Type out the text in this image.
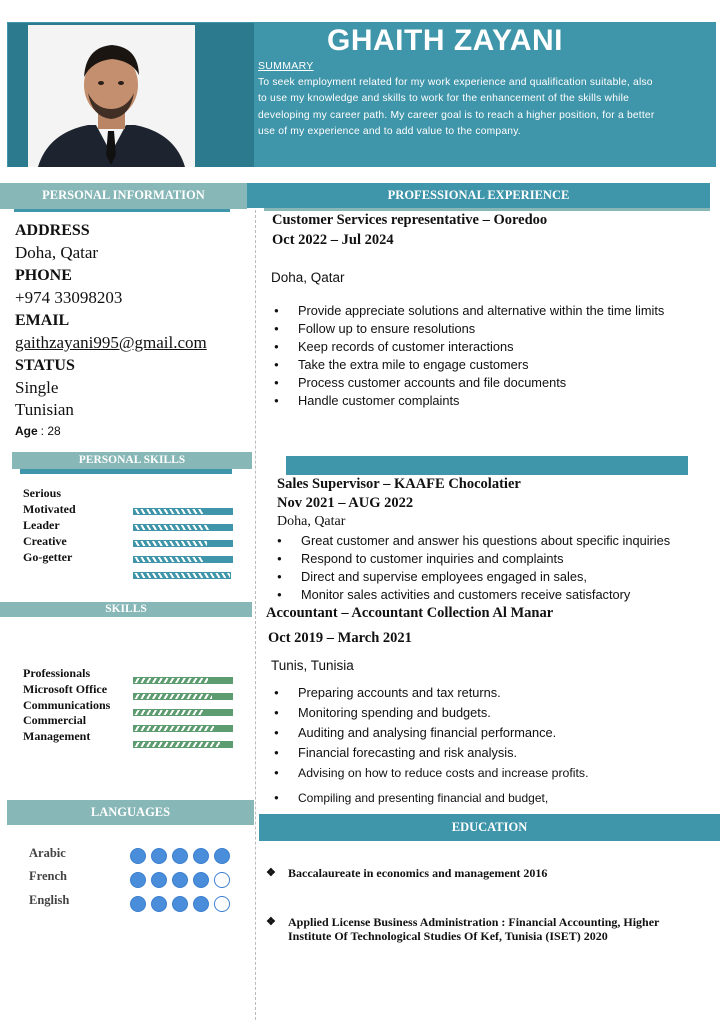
GHAITH ZAYANI
SUMMARY
To seek employment related for my work experience and qualification suitable, also to use my knowledge and skills to work for the enhancement of the skills while developing my career path. My career goal is to reach a higher position, for a better use of my experience and to add value to the company.
PERSONAL INFORMATION
ADDRESS
Doha, Qatar
PHONE
+974 33098203
EMAIL
gaithzayani995@gmail.com
STATUS
Single
Tunisian
Age : 28
PERSONAL SKILLS
Serious
Motivated
Leader
Creative
Go-getter
SKILLS
Professionals
Microsoft Office
Communications
Commercial
Management
LANGUAGES
Arabic
French
English
PROFESSIONAL EXPERIENCE
Customer Services representative – Ooredoo
Oct 2022 – Jul 2024
Doha, Qatar
● Provide appreciate solutions and alternative within the time limits
● Follow up to ensure resolutions
● Keep records of customer interactions
● Take the extra mile to engage customers
● Process customer accounts and file documents
● Handle customer complaints
Sales Supervisor – KAAFE Chocolatier
Nov 2021 – AUG 2022
Doha, Qatar
● Great customer and answer his questions about specific inquiries
● Respond to customer inquiries and complaints
● Direct and supervise employees engaged in sales,
● Monitor sales activities and customers receive satisfactory
Accountant – Accountant Collection Al Manar
Oct 2019 – March 2021
Tunis, Tunisia
● Preparing accounts and tax returns.
● Monitoring spending and budgets.
● Auditing and analysing financial performance.
● Financial forecasting and risk analysis.
● Advising on how to reduce costs and increase profits.
● Compiling and presenting financial and budget,
EDUCATION
❖ Baccalaureate in economics and management 2016
❖ Applied License Business Administration : Financial Accounting, Higher Institute Of Technological Studies Of Kef, Tunisia (ISET) 2020
